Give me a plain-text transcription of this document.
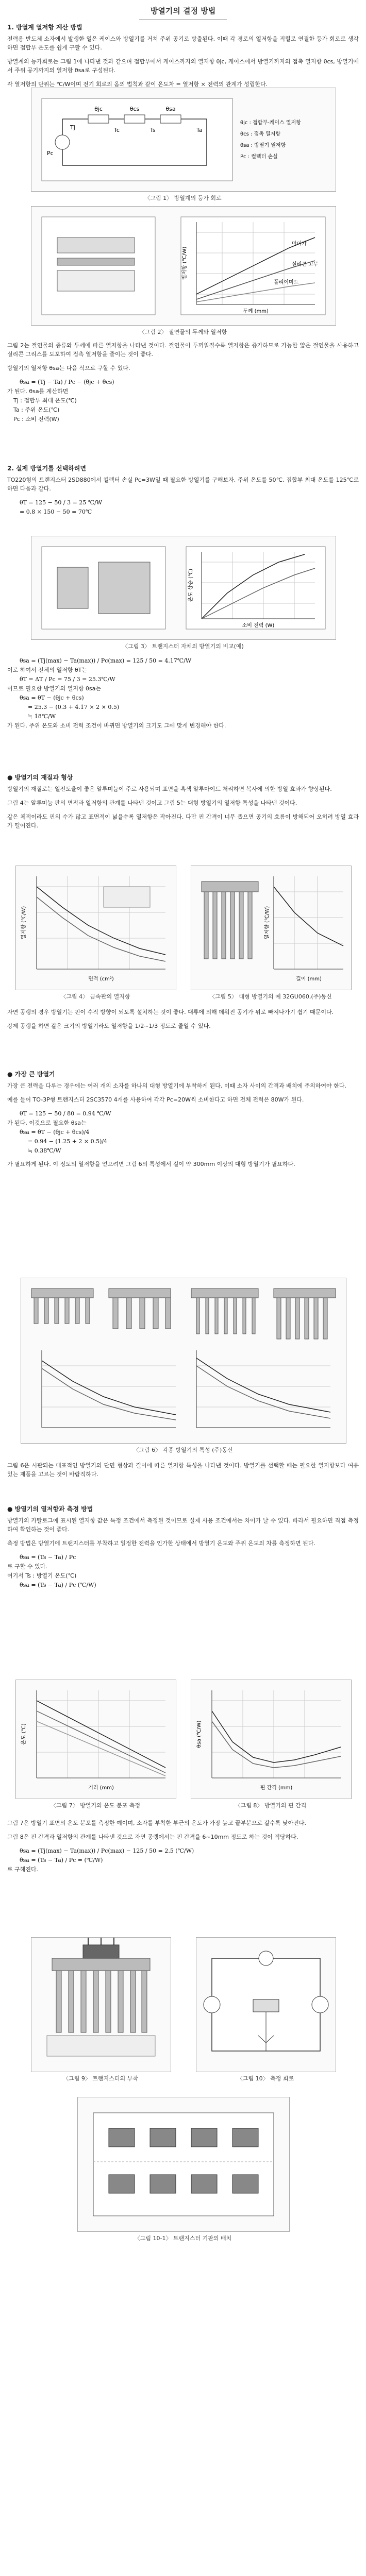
방열기의 결정 방법
1. 방열계 열저항 계산 방법

전력용 반도체 소자에서 발생한 열은 케이스와 방열기를 거쳐 주위 공기로 방출된다. 이때 각 경로의 열저항을 직렬로 연결한 등가 회로로 생각하면 접합부 온도를 쉽게 구할 수 있다.

방열계의 등가회로는 그림 1에 나타낸 것과 같으며 접합부에서 케이스까지의 열저항 θjc, 케이스에서 방열기까지의 접촉 열저항 θcs, 방열기에서 주위 공기까지의 열저항 θsa로 구성된다.

각 열저항의 단위는 ℃/W이며 전기 회로의 옴의 법칙과 같이 온도차 = 열저항 × 전력의 관계가 성립한다.

θjc	θcs	θsa
Tj	Tc	Ts	Ta
Pc
θjc : 접합부-케이스 열저항
θcs : 접촉 열저항
θsa : 방열기 열저항
Pc : 컬렉터 손실
〈그림 1〉 방열계의 등가 회로
마이카
실리콘 고무
폴리이미드
두께 (mm)
열저항 (℃/W)
〈그림 2〉 절연물의 두께와 열저항

그림 2는 절연물의 종류와 두께에 따른 열저항을 나타낸 것이다. 절연물이 두꺼워질수록 열저항은 증가하므로 가능한 얇은 절연물을 사용하고 실리콘 그리스를 도포하여 접촉 열저항을 줄이는 것이 좋다.

방열기의 열저항 θsa는 다음 식으로 구할 수 있다.

θsa = (Tj − Ta) / Pc − (θjc + θcs)

가 된다. θsa를 계산하면

Tj : 접합부 최대 온도(℃)

Ta : 주위 온도(℃)

Pc : 소비 전력(W)

2. 실제 방열기를 선택하려면

TO220형의 트랜지스터 2SD880에서 컬렉터 손실 Pc=3W일 때 필요한 방열기를 구해보자. 주위 온도를 50℃, 접합부 최대 온도를 125℃로 하면 다음과 같다.

θT = 125 − 50 / 3 = 25 ℃/W

= 0.8 × 150 − 50 = 70℃

소비 전력 (W)
온도 상승 (℃)
〈그림 3〉 트랜지스터 자체의 방열기의 비교(예)

θsa = (Tj(max) − Ta(max)) / Pc(max) = 125 / 50 = 4.17℃/W

이로 하여서 전체의 열저항 θT는

θT = ΔT / Pc = 75 / 3 = 25.3℃/W

이므로 필요한 방열기의 열저항 θsa는

θsa = θT − (θjc + θcs)

= 25.3 − (0.3 + 4.17 × 2 × 0.5)

≒ 18℃/W

가 된다. 주위 온도와 소비 전력 조건이 바뀌면 방열기의 크기도 그에 맞게 변경해야 한다.

● 방열기의 재질과 형상

방열기의 재질로는 열전도율이 좋은 알루미늄이 주로 사용되며 표면을 흑색 알루마이트 처리하면 복사에 의한 방열 효과가 향상된다.

그림 4는 알루미늄 판의 면적과 열저항의 관계를 나타낸 것이고 그림 5는 대형 방열기의 열저항 특성을 나타낸 것이다.

같은 체적이라도 핀의 수가 많고 표면적이 넓을수록 열저항은 작아진다. 다만 핀 간격이 너무 좁으면 공기의 흐름이 방해되어 오히려 방열 효과가 떨어진다.

면적 (cm²)
열저항 (℃/W)
길이 (mm)
열저항 (℃/W)
〈그림 4〉 금속판의 열저항	〈그림 5〉 대형 방열기의 예 32GU060,(주)동신

자연 공랭의 경우 방열기는 핀이 수직 방향이 되도록 설치하는 것이 좋다. 대류에 의해 데워진 공기가 위로 빠져나가기 쉽기 때문이다.

강제 공랭을 하면 같은 크기의 방열기라도 열저항을 1/2~1/3 정도로 줄일 수 있다.

● 가장 큰 방열기

가장 큰 전력을 다루는 경우에는 여러 개의 소자를 하나의 대형 방열기에 부착하게 된다. 이때 소자 사이의 간격과 배치에 주의하여야 한다.

예를 들어 TO-3P형 트랜지스터 2SC3570 4개를 사용하여 각각 Pc=20W씩 소비한다고 하면 전체 전력은 80W가 된다.

θT = 125 − 50 / 80 = 0.94 ℃/W

가 된다. 이것으로 필요한 θsa는

θsa = θT − (θjc + θcs)/4

= 0.94 − (1.25 + 2 × 0.5)/4

≒ 0.38℃/W

가 필요하게 된다. 이 정도의 열저항을 얻으려면 그림 6의 특성에서 길이 약 300mm 이상의 대형 방열기가 필요하다.

〈그림 6〉 각종 방열기의 특성 (주)동신

그림 6은 시판되는 대표적인 방열기의 단면 형상과 길이에 따른 열저항 특성을 나타낸 것이다. 방열기를 선택할 때는 필요한 열저항보다 여유 있는 제품을 고르는 것이 바람직하다.

● 방열기의 열저항과 측정 방법

방열기의 카탈로그에 표시된 열저항 값은 특정 조건에서 측정된 것이므로 실제 사용 조건에서는 차이가 날 수 있다. 따라서 필요하면 직접 측정하여 확인하는 것이 좋다.

측정 방법은 방열기에 트랜지스터를 부착하고 일정한 전력을 인가한 상태에서 방열기 온도와 주위 온도의 차를 측정하면 된다.

θsa = (Ts − Ta) / Pc

로 구할 수 있다.

여기서 Ts : 방열기 온도(℃)

θsa = (Ts − Ta) / Pc (℃/W)

거리 (mm)
온도 (℃)
핀 간격 (mm)
θsa (℃/W)
〈그림 7〉 방열기의 온도 분포 측정	〈그림 8〉 방열기의 핀 간격

그림 7은 방열기 표면의 온도 분포를 측정한 예이며, 소자를 부착한 부근의 온도가 가장 높고 끝부분으로 갈수록 낮아진다.

그림 8은 핀 간격과 열저항의 관계를 나타낸 것으로 자연 공랭에서는 핀 간격을 6~10mm 정도로 하는 것이 적당하다.

θsa = (Tj(max) − Ta(max)) / Pc(max) − 125 / 50 = 2.5 (℃/W)

θsa = (Ts − Ta) / Pc = (℃/W)

로 구해진다.

〈그림 9〉 트랜지스터의 부착	〈그림 10〉 측정 회로
〈그림 10-1〉 트랜지스터 기판의 배치
